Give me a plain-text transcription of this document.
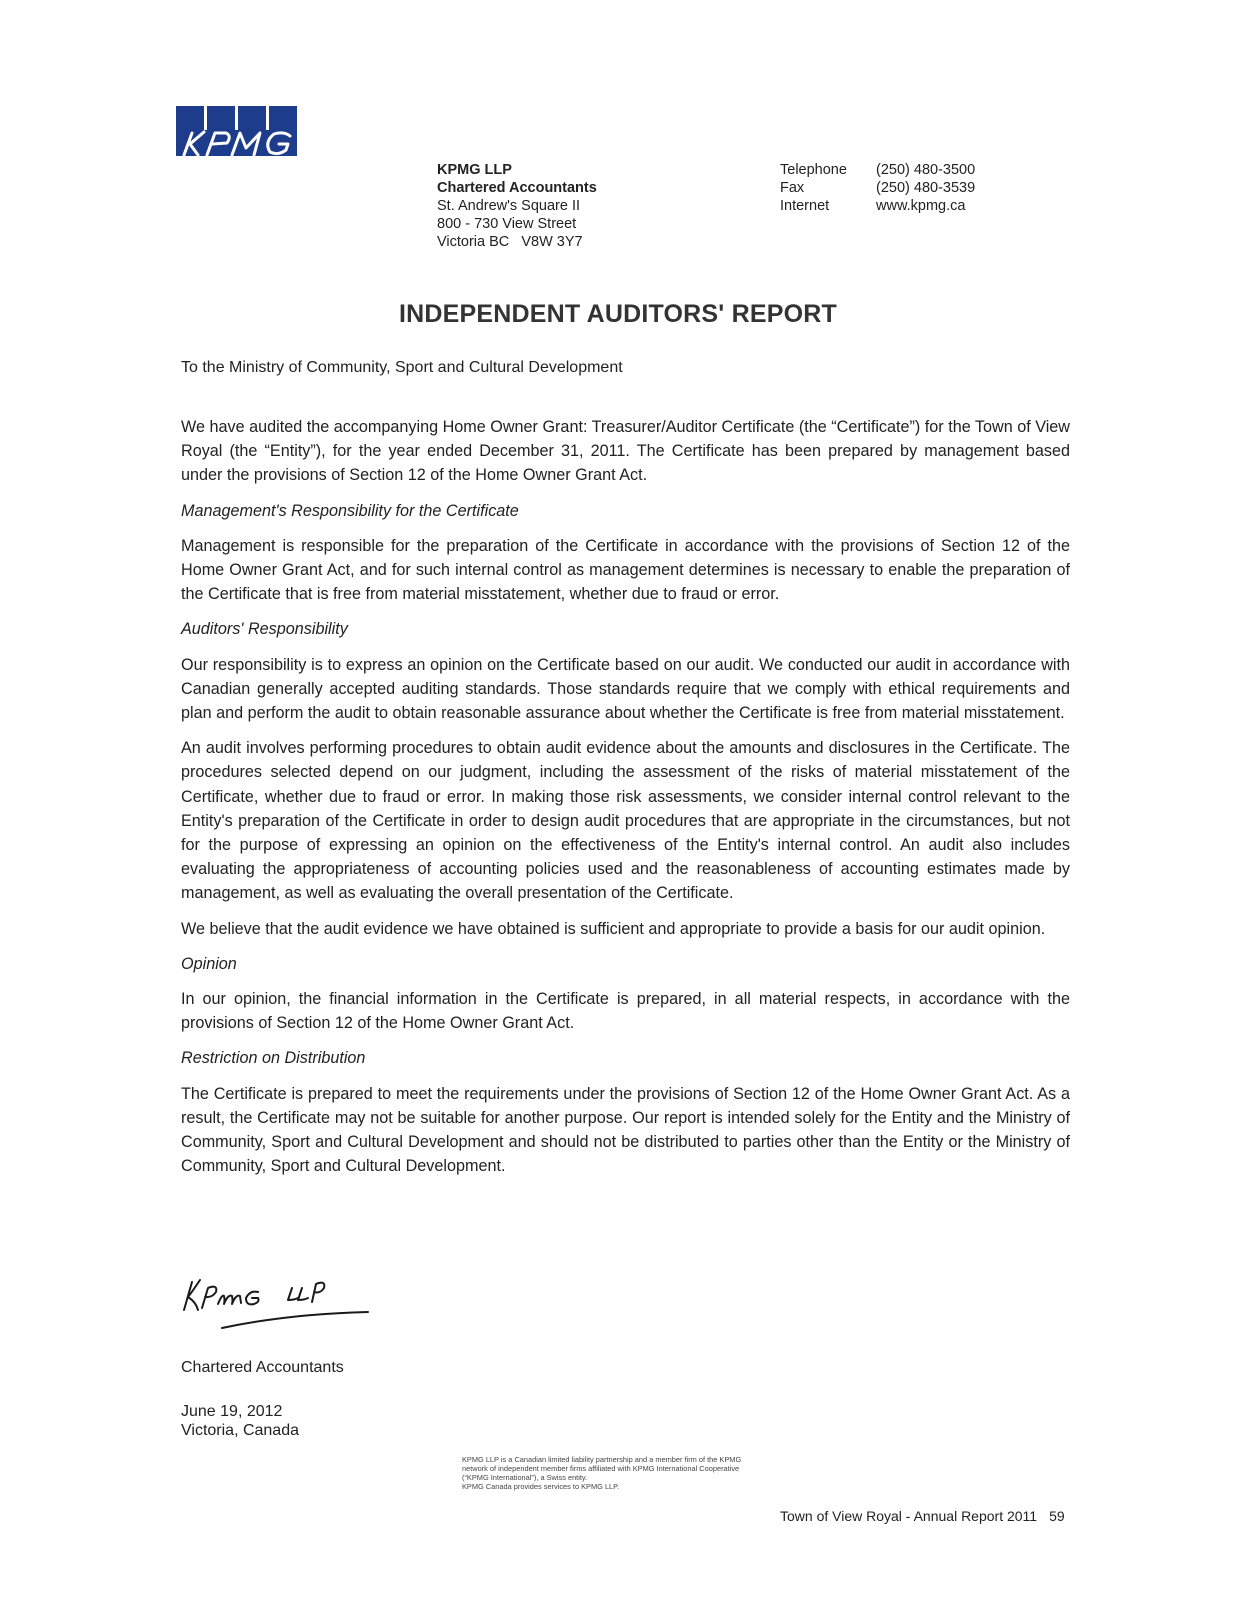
KPMG LLP
Chartered Accountants
St. Andrew's Square II
800 - 730 View Street
Victoria BC   V8W 3Y7
Telephone	(250) 480-3500
Fax	(250) 480-3539
Internet	www.kpmg.ca
INDEPENDENT AUDITORS' REPORT
To the Ministry of Community, Sport and Cultural Development

We have audited the accompanying Home Owner Grant: Treasurer/Auditor Certificate (the “Certificate”) for the Town of View Royal (the “Entity”), for the year ended December 31, 2011. The Certificate has been prepared by management based under the provisions of Section 12 of the Home Owner Grant Act.

Management's Responsibility for the Certificate

Management is responsible for the preparation of the Certificate in accordance with the provisions of Section 12 of the Home Owner Grant Act, and for such internal control as management determines is necessary to enable the preparation of the Certificate that is free from material misstatement, whether due to fraud or error.

Auditors' Responsibility

Our responsibility is to express an opinion on the Certificate based on our audit. We conducted our audit in accordance with Canadian generally accepted auditing standards. Those standards require that we comply with ethical requirements and plan and perform the audit to obtain reasonable assurance about whether the Certificate is free from material misstatement.

An audit involves performing procedures to obtain audit evidence about the amounts and disclosures in the Certificate. The procedures selected depend on our judgment, including the assessment of the risks of material misstatement of the Certificate, whether due to fraud or error. In making those risk assessments, we consider internal control relevant to the Entity's preparation of the Certificate in order to design audit procedures that are appropriate in the circumstances, but not for the purpose of expressing an opinion on the effectiveness of the Entity's internal control. An audit also includes evaluating the appropriateness of accounting policies used and the reasonableness of accounting estimates made by management, as well as evaluating the overall presentation of the Certificate.

We believe that the audit evidence we have obtained is sufficient and appropriate to provide a basis for our audit opinion.

Opinion

In our opinion, the financial information in the Certificate is prepared, in all material respects, in accordance with the provisions of Section 12 of the Home Owner Grant Act.

Restriction on Distribution

The Certificate is prepared to meet the requirements under the provisions of Section 12 of the Home Owner Grant Act. As a result, the Certificate may not be suitable for another purpose. Our report is intended solely for the Entity and the Ministry of Community, Sport and Cultural Development and should not be distributed to parties other than the Entity or the Ministry of Community, Sport and Cultural Development.

Chartered Accountants
June 19, 2012
Victoria, Canada
KPMG LLP is a Canadian limited liability partnership and a member firm of the KPMG
network of independent member firms affiliated with KPMG International Cooperative
(“KPMG International”), a Swiss entity.
KPMG Canada provides services to KPMG LLP.
Town of View Royal - Annual Report 2011 59
